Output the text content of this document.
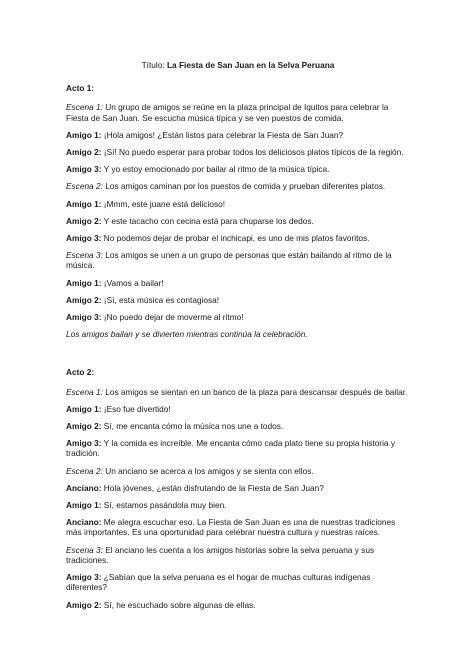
Título: La Fiesta de San Juan en la Selva Peruana
Acto 1:
Escena 1: Un grupo de amigos se reúne en la plaza principal de Iquitos para celebrar la Fiesta de San Juan. Se escucha música típica y se ven puestos de comida.
Amigo 1: ¡Hola amigos! ¿Están listos para celebrar la Fiesta de San Juan?
Amigo 2: ¡Sí! No puedo esperar para probar todos los deliciosos platos típicos de la región.
Amigo 3: Y yo estoy emocionado por bailar al ritmo de la música típica.
Escena 2: Los amigos caminan por los puestos de comida y prueban diferentes platos.
Amigo 1: ¡Mmm, este juane está delicioso!
Amigo 2: Y este tacacho con cecina está para chuparse los dedos.
Amigo 3: No podemos dejar de probar el inchicapi, es uno de mis platos favoritos.
Escena 3: Los amigos se unen a un grupo de personas que están bailando al ritmo de la música.
Amigo 1: ¡Vamos a bailar!
Amigo 2: ¡Sí, esta música es contagiosa!
Amigo 3: ¡No puedo dejar de moverme al ritmo!
Los amigos bailan y se divierten mientras continúa la celebración.
Acto 2:
Escena 1: Los amigos se sientan en un banco de la plaza para descansar después de bailar.
Amigo 1: ¡Eso fue divertido!
Amigo 2: Sí, me encanta cómo la música nos une a todos.
Amigo 3: Y la comida es increíble. Me encanta cómo cada plato tiene su propia historia y tradición.
Escena 2: Un anciano se acerca a los amigos y se sienta con ellos.
Anciano: Hola jóvenes, ¿están disfrutando de la Fiesta de San Juan?
Amigo 1: Sí, estamos pasándola muy bien.
Anciano: Me alegra escuchar eso. La Fiesta de San Juan es una de nuestras tradiciones más importantes. Es una oportunidad para celebrar nuestra cultura y nuestras raíces.
Escena 3: El anciano les cuenta a los amigos historias sobre la selva peruana y sus tradiciones.
Amigo 3: ¿Sabían que la selva peruana es el hogar de muchas culturas indígenas diferentes?
Amigo 2: Sí, he escuchado sobre algunas de ellas.
